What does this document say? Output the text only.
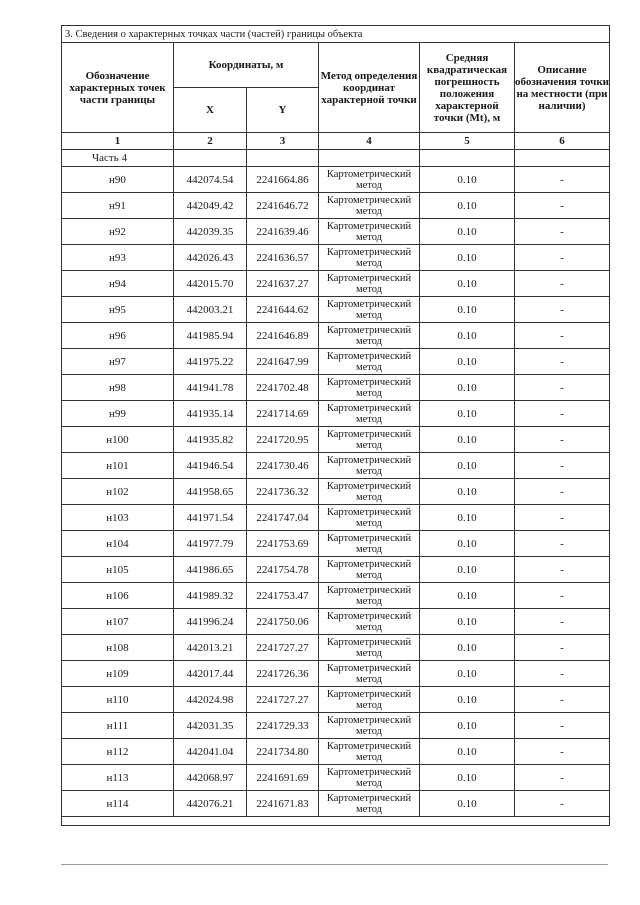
3. Сведения о характерных точках части (частей) границы объекта					
Обозначение характерных точек части границы	Координаты, м		Метод определения координат характерной точки	Средняя квадратическая погрешность положения характерной точки (Mt), м	Описание обозначения точки на местности (при наличии)
	X	Y			
1	2	3	4	5	6
Часть 4					
н90	442074.54	2241664.86	Картометрический метод	0.10	-
н91	442049.42	2241646.72	Картометрический метод	0.10	-
н92	442039.35	2241639.46	Картометрический метод	0.10	-
н93	442026.43	2241636.57	Картометрический метод	0.10	-
н94	442015.70	2241637.27	Картометрический метод	0.10	-
н95	442003.21	2241644.62	Картометрический метод	0.10	-
н96	441985.94	2241646.89	Картометрический метод	0.10	-
н97	441975.22	2241647.99	Картометрический метод	0.10	-
н98	441941.78	2241702.48	Картометрический метод	0.10	-
н99	441935.14	2241714.69	Картометрический метод	0.10	-
н100	441935.82	2241720.95	Картометрический метод	0.10	-
н101	441946.54	2241730.46	Картометрический метод	0.10	-
н102	441958.65	2241736.32	Картометрический метод	0.10	-
н103	441971.54	2241747.04	Картометрический метод	0.10	-
н104	441977.79	2241753.69	Картометрический метод	0.10	-
н105	441986.65	2241754.78	Картометрический метод	0.10	-
н106	441989.32	2241753.47	Картометрический метод	0.10	-
н107	441996.24	2241750.06	Картометрический метод	0.10	-
н108	442013.21	2241727.27	Картометрический метод	0.10	-
н109	442017.44	2241726.36	Картометрический метод	0.10	-
н110	442024.98	2241727.27	Картометрический метод	0.10	-
н111	442031.35	2241729.33	Картометрический метод	0.10	-
н112	442041.04	2241734.80	Картометрический метод	0.10	-
н113	442068.97	2241691.69	Картометрический метод	0.10	-
н114	442076.21	2241671.83	Картометрический метод	0.10	-
